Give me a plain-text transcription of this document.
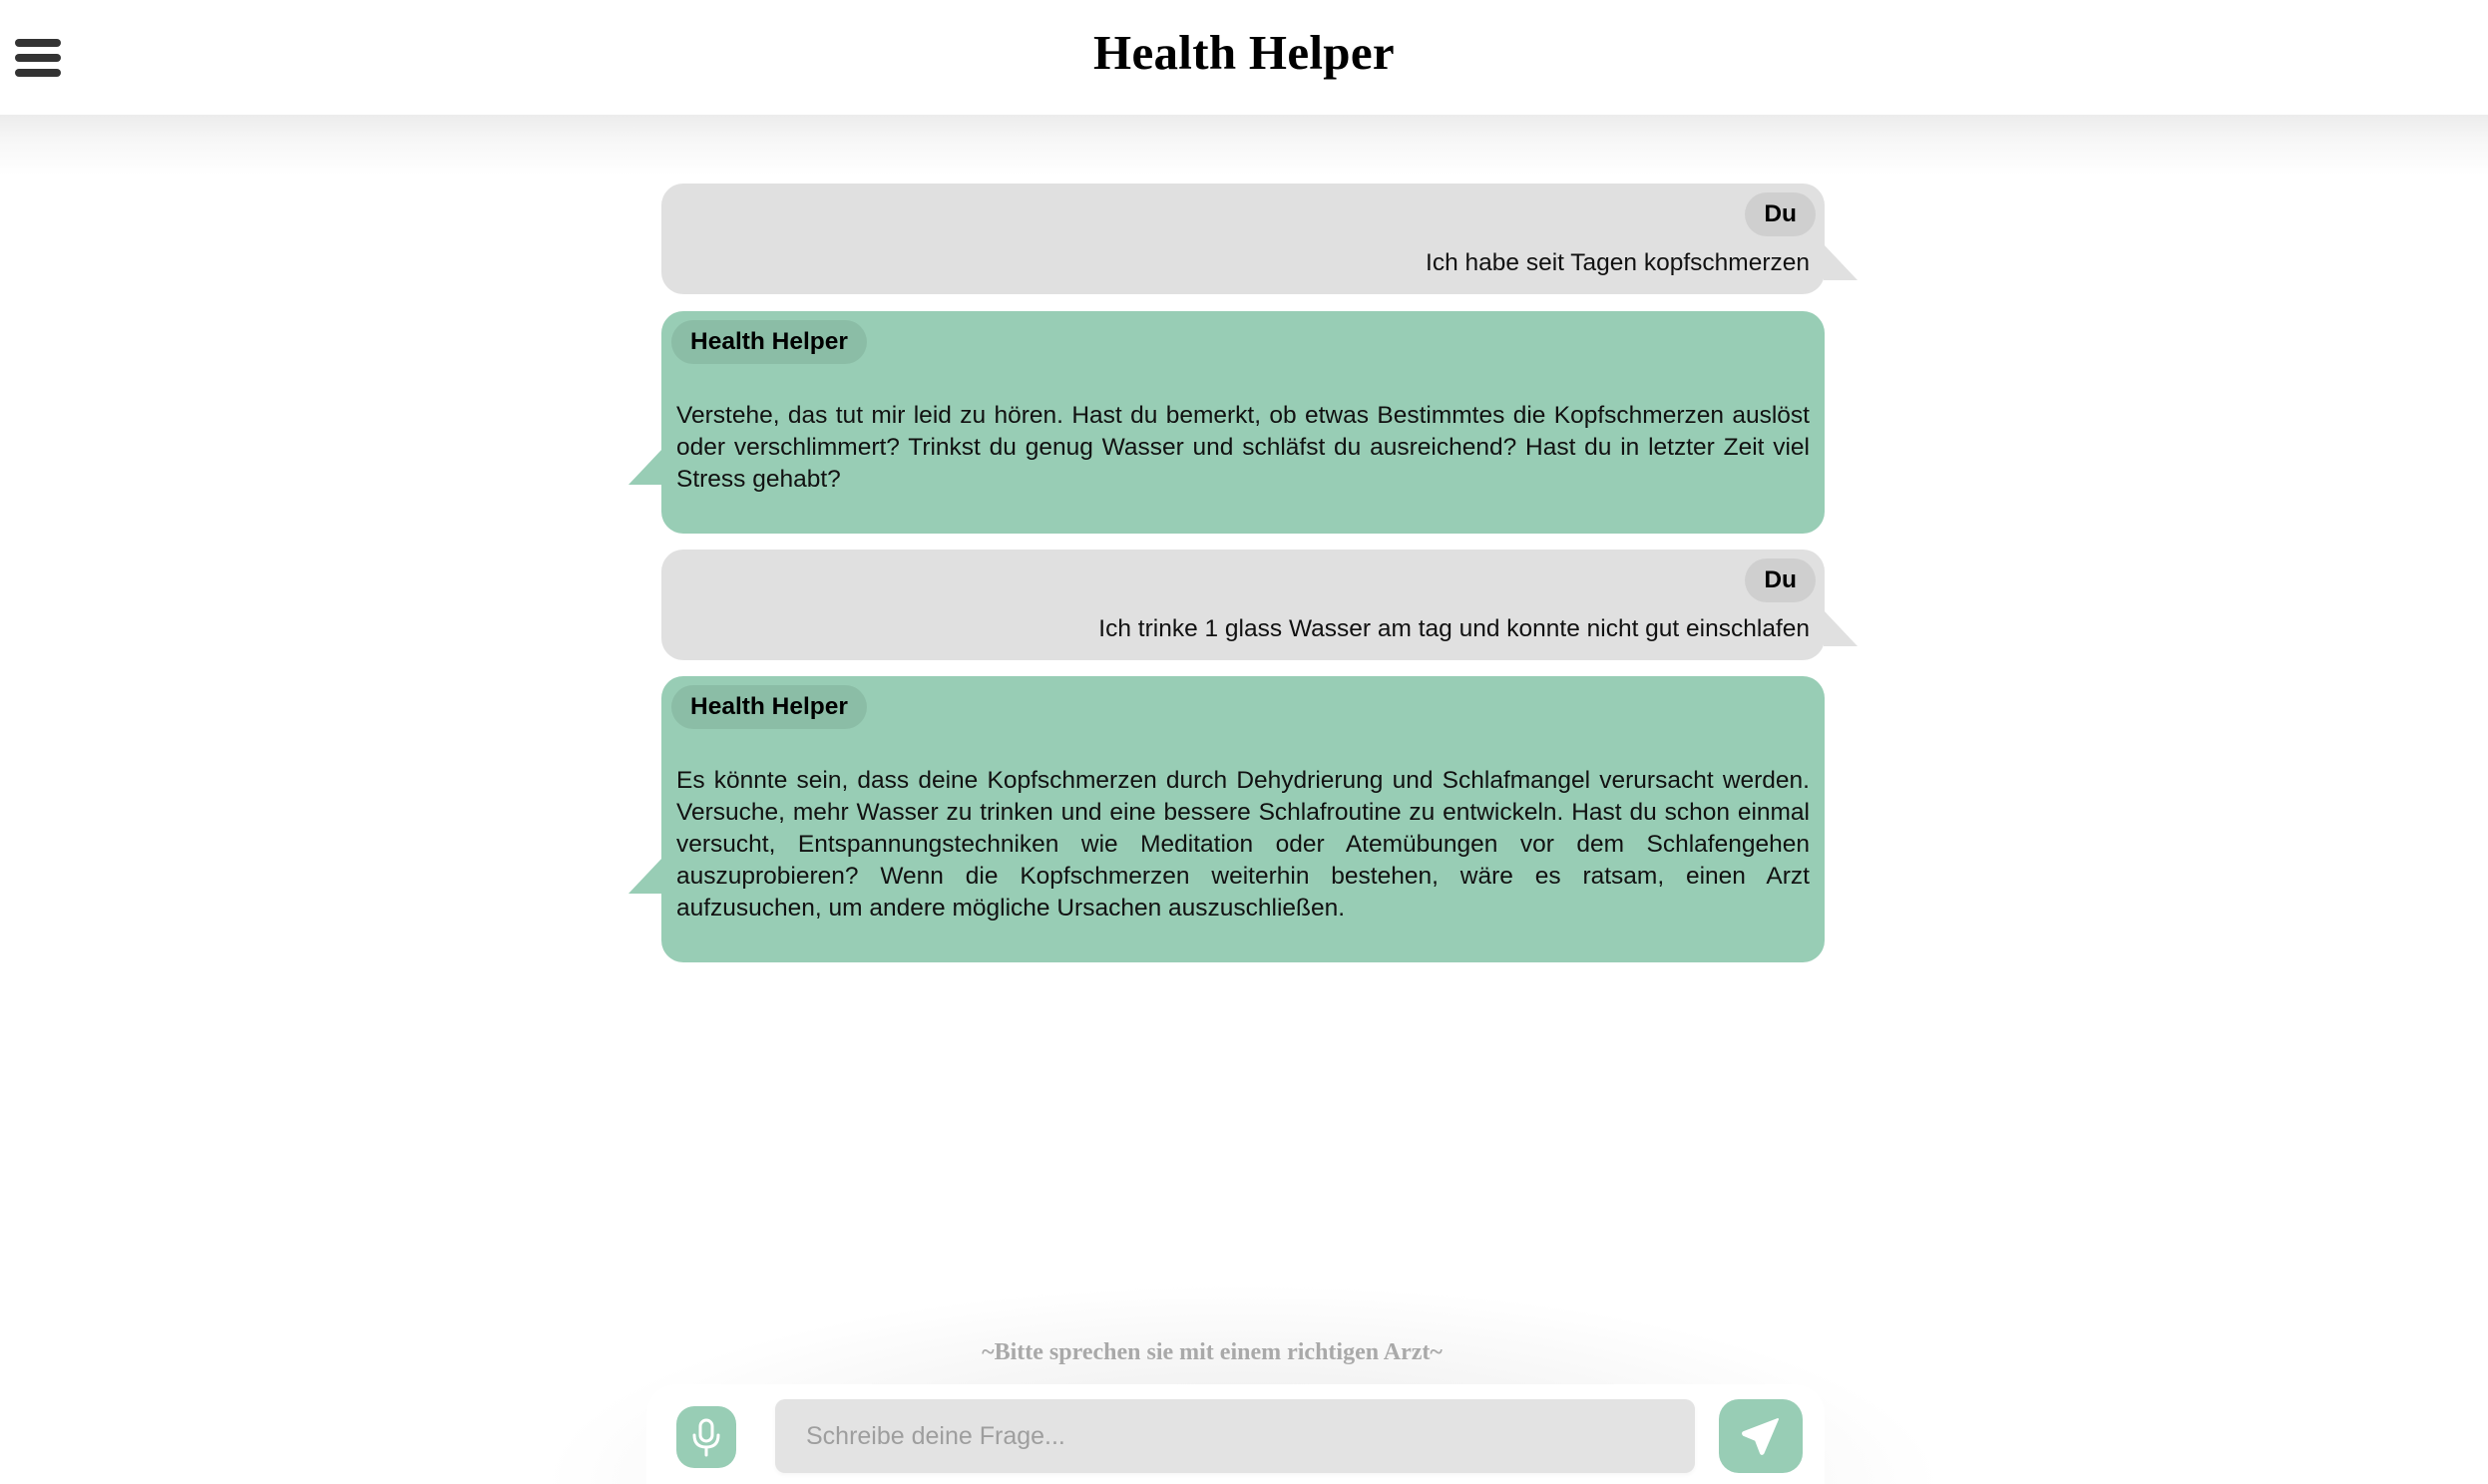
Health Helper
Du
Ich habe seit Tagen kopfschmerzen
Health Helper
Verstehe, das tut mir leid zu hören. Hast du bemerkt, ob etwas Bestimmtes die Kopfschmerzen auslöst oder verschlimmert? Trinkst du genug Wasser und schläfst du ausreichend? Hast du in letzter Zeit viel Stress gehabt?
Du
Ich trinke 1 glass Wasser am tag und konnte nicht gut einschlafen
Health Helper
Es könnte sein, dass deine Kopfschmerzen durch Dehydrierung und Schlafmangel verursacht werden. Versuche, mehr Wasser zu trinken und eine bessere Schlafroutine zu entwickeln. Hast du schon einmal versucht, Entspannungstechniken wie Meditation oder Atemübungen vor dem Schlafengehen auszuprobieren? Wenn die Kopfschmerzen weiterhin bestehen, wäre es ratsam, einen Arzt aufzusuchen, um andere mögliche Ursachen auszuschließen.
~Bitte sprechen sie mit einem richtigen Arzt~
Schreibe deine Frage...
